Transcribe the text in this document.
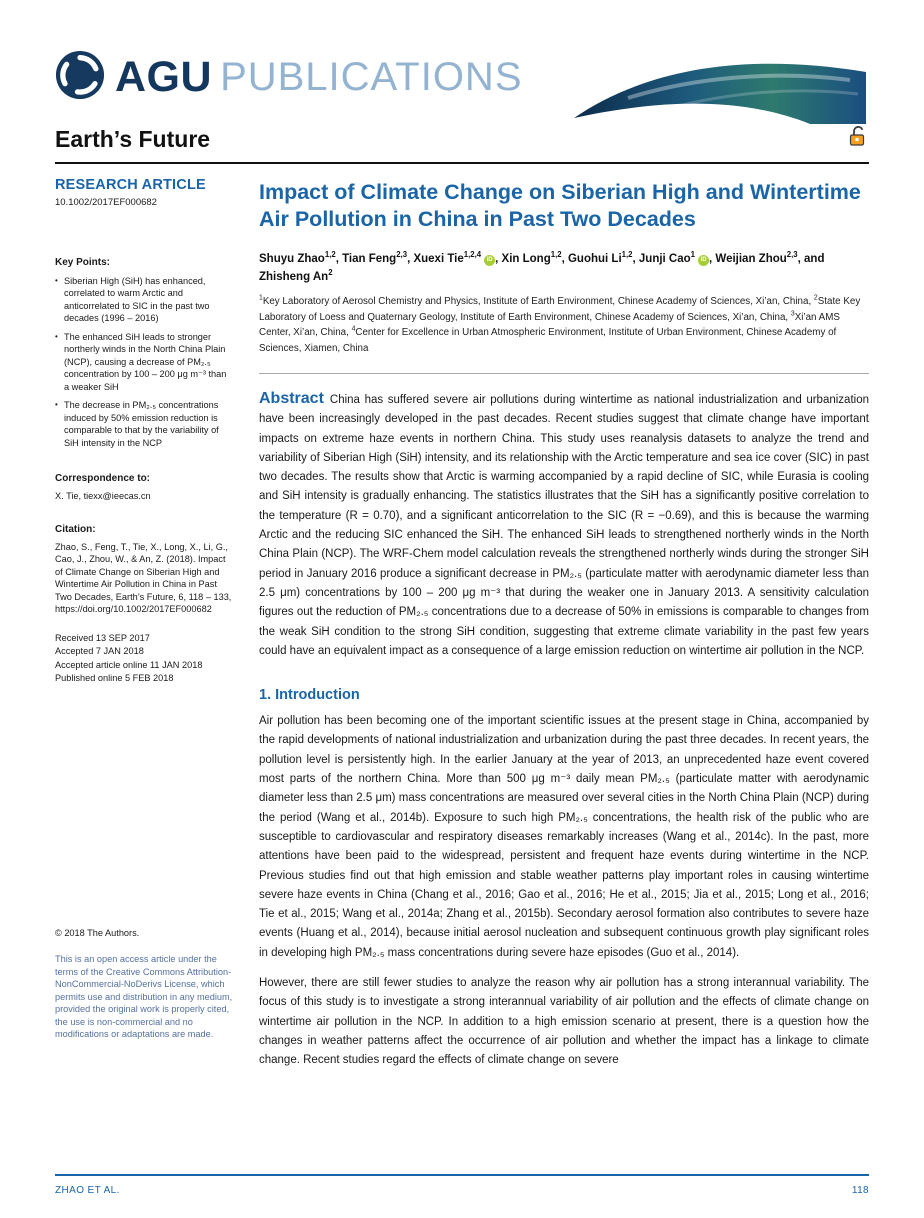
AGU PUBLICATIONS
Earth’s Future
RESEARCH ARTICLE
10.1002/2017EF000682
Key Points:
• Siberian High (SiH) has enhanced, correlated to warm Arctic and anticorrelated to SIC in the past two decades (1996 – 2016)
• The enhanced SiH leads to stronger northerly winds in the North China Plain (NCP), causing a decrease of PM₂.₅ concentration by 100 – 200 μg m⁻³ than a weaker SiH
• The decrease in PM₂.₅ concentrations induced by 50% emission reduction is comparable to that by the variability of SiH intensity in the NCP
Correspondence to:
X. Tie, tiexx@ieecas.cn
Citation:
Zhao, S., Feng, T., Tie, X., Long, X., Li, G., Cao, J., Zhou, W., & An, Z. (2018). Impact of Climate Change on Siberian High and Wintertime Air Pollution in China in Past Two Decades, Earth’s Future, 6, 118 – 133, https://doi.org/10.1002/2017EF000682
Received 13 SEP 2017
Accepted 7 JAN 2018
Accepted article online 11 JAN 2018
Published online 5 FEB 2018
© 2018 The Authors.
This is an open access article under the terms of the Creative Commons Attribution-NonCommercial-NoDerivs License, which permits use and distribution in any medium, provided the original work is properly cited, the use is non-commercial and no modifications or adaptations are made.
Impact of Climate Change on Siberian High and Wintertime Air Pollution in China in Past Two Decades
Shuyu Zhao$^{1,2}$, Tian Feng$^{2,3}$, Xuexi Tie$^{1,2,4}$iD , Xin Long$^{1,2}$, Guohui Li$^{1,2}$, Junji Cao$^1$iD , Weijian Zhou$^{2,3}$, and Zhisheng An$^2$
$^1$Key Laboratory of Aerosol Chemistry and Physics, Institute of Earth Environment, Chinese Academy of Sciences, Xi’an, China, $^2$State Key Laboratory of Loess and Quaternary Geology, Institute of Earth Environment, Chinese Academy of Sciences, Xi’an, China, $^3$Xi’an AMS Center, Xi’an, China, $^4$Center for Excellence in Urban Atmospheric Environment, Institute of Urban Environment, Chinese Academy of Sciences, Xiamen, China

Abstract China has suffered severe air pollutions during wintertime as national industrialization and urbanization have been increasingly developed in the past decades. Recent studies suggest that climate change have important impacts on extreme haze events in northern China. This study uses reanalysis datasets to analyze the trend and variability of Siberian High (SiH) intensity, and its relationship with the Arctic temperature and sea ice cover (SIC) in past two decades. The results show that Arctic is warming accompanied by a rapid decline of SIC, while Eurasia is cooling and SiH intensity is gradually enhancing. The statistics illustrates that the SiH has a significantly positive correlation to the temperature (R = 0.70), and a significant anticorrelation to the SIC (R = −0.69), and this is because the warming Arctic and the reducing SIC enhanced the SiH. The enhanced SiH leads to strengthened northerly winds in the North China Plain (NCP). The WRF-Chem model calculation reveals the strengthened northerly winds during the stronger SiH period in January 2016 produce a significant decrease in PM₂.₅ (particulate matter with aerodynamic diameter less than 2.5 μm) concentrations by 100 – 200 μg m⁻³ that during the weaker one in January 2013. A sensitivity calculation figures out the reduction of PM₂.₅ concentrations due to a decrease of 50% in emissions is comparable to changes from the weak SiH condition to the strong SiH condition, suggesting that extreme climate variability in the past few years could have an equivalent impact as a consequence of a large emission reduction on wintertime air pollution in the NCP.

1. Introduction

Air pollution has been becoming one of the important scientific issues at the present stage in China, accompanied by the rapid developments of national industrialization and urbanization during the past three decades. In recent years, the pollution level is persistently high. In the earlier January at the year of 2013, an unprecedented haze event covered most parts of the northern China. More than 500 μg m⁻³ daily mean PM₂.₅ (particulate matter with aerodynamic diameter less than 2.5 μm) mass concentrations are measured over several cities in the North China Plain (NCP) during the period (Wang et al., 2014b). Exposure to such high PM₂.₅ concentrations, the health risk of the public who are susceptible to cardiovascular and respiratory diseases remarkably increases (Wang et al., 2014c). In the past, more attentions have been paid to the widespread, persistent and frequent haze events during wintertime in the NCP. Previous studies find out that high emission and stable weather patterns play important roles in causing wintertime severe haze events in China (Chang et al., 2016; Gao et al., 2016; He et al., 2015; Jia et al., 2015; Long et al., 2016; Tie et al., 2015; Wang et al., 2014a; Zhang et al., 2015b). Secondary aerosol formation also contributes to severe haze events (Huang et al., 2014), because initial aerosol nucleation and subsequent continuous growth play significant roles in developing high PM₂.₅ mass concentrations during severe haze episodes (Guo et al., 2014).

However, there are still fewer studies to analyze the reason why air pollution has a strong interannual variability. The focus of this study is to investigate a strong interannual variability of air pollution and the effects of climate change on wintertime air pollution in the NCP. In addition to a high emission scenario at present, there is a question how the changes in weather patterns affect the occurrence of air pollution and whether the impact has a linkage to climate change. Recent studies regard the effects of climate change on severe

ZHAO ET AL.	118
